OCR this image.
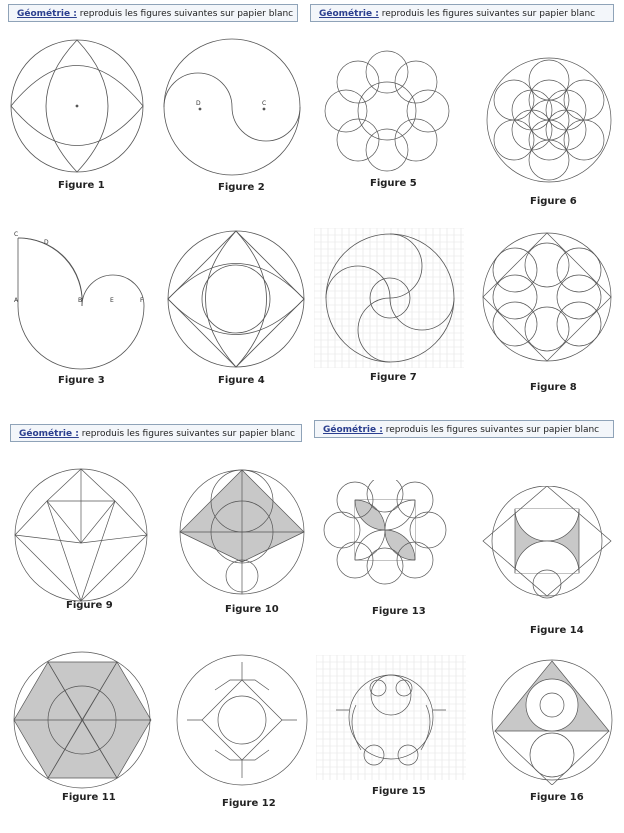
Géométrie : reproduis les figures suivantes sur papier blanc	Géométrie : reproduis les figures suivantes sur papier blanc
Géométrie : reproduis les figures suivantes sur papier blanc	Géométrie : reproduis les figures suivantes sur papier blanc
Figure 1
D	C
Figure 2
C
D
A	B	E	F
Figure 3	Figure 4
Figure 5
Figure 6
Figure 7
Figure 8
Figure 9	Figure 10
Figure 11
Figure 12
Figure 13
Figure 14
Figure 15
Figure 16
